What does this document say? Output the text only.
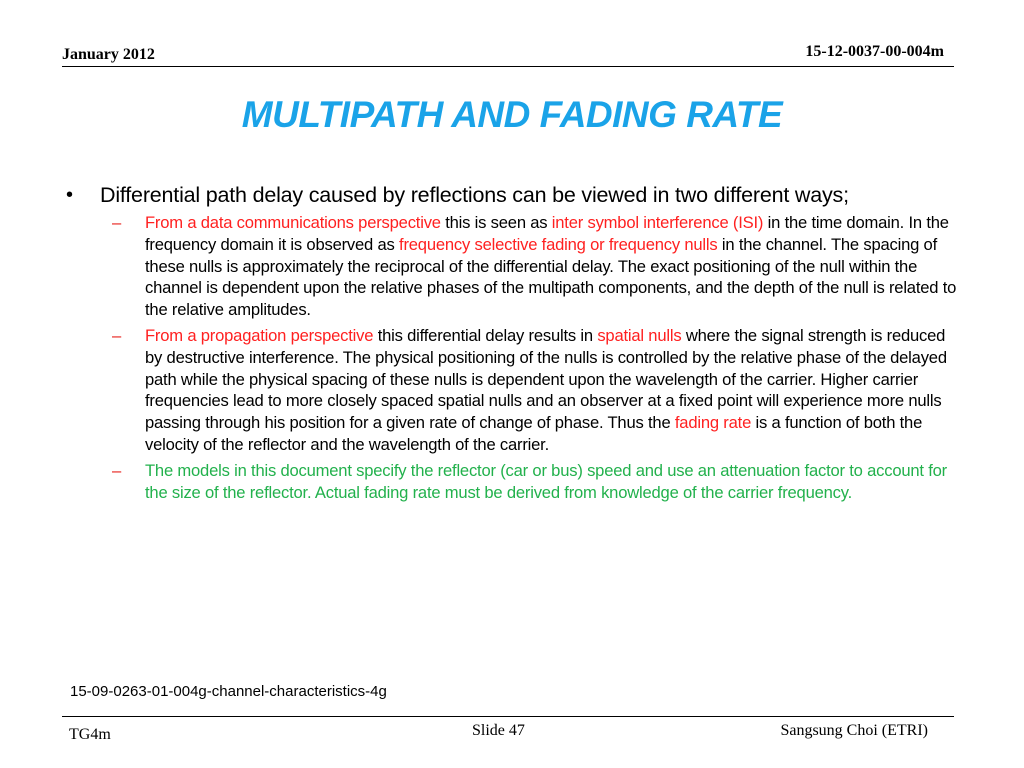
January 2012	15-12-0037-00-004m
MULTIPATH AND FADING RATE
•	Differential path delay caused by reflections can be viewed in two different ways;
–	From a data communications perspective this is seen as inter symbol interference (ISI) in the time domain. In the frequency domain it is observed as frequency selective fading or frequency nulls in the channel. The spacing of these nulls is approximately the reciprocal of the differential delay. The exact positioning of the null within the channel is dependent upon the relative phases of the multipath components, and the depth of the null is related to the relative amplitudes.
–	From a propagation perspective this differential delay results in spatial nulls where the signal strength is reduced by destructive interference. The physical positioning of the nulls is controlled by the relative phase of the delayed path while the physical spacing of these nulls is dependent upon the wavelength of the carrier. Higher carrier frequencies lead to more closely spaced spatial nulls and an observer at a fixed point will experience more nulls passing through his position for a given rate of change of phase. Thus the fading rate is a function of both the velocity of the reflector and the wavelength of the carrier.
–	The models in this document specify the reflector (car or bus) speed and use an attenuation factor to account for the size of the reflector. Actual fading rate must be derived from knowledge of the carrier frequency.
15-09-0263-01-004g-channel-characteristics-4g
TG4m	Slide 47	Sangsung Choi (ETRI)
